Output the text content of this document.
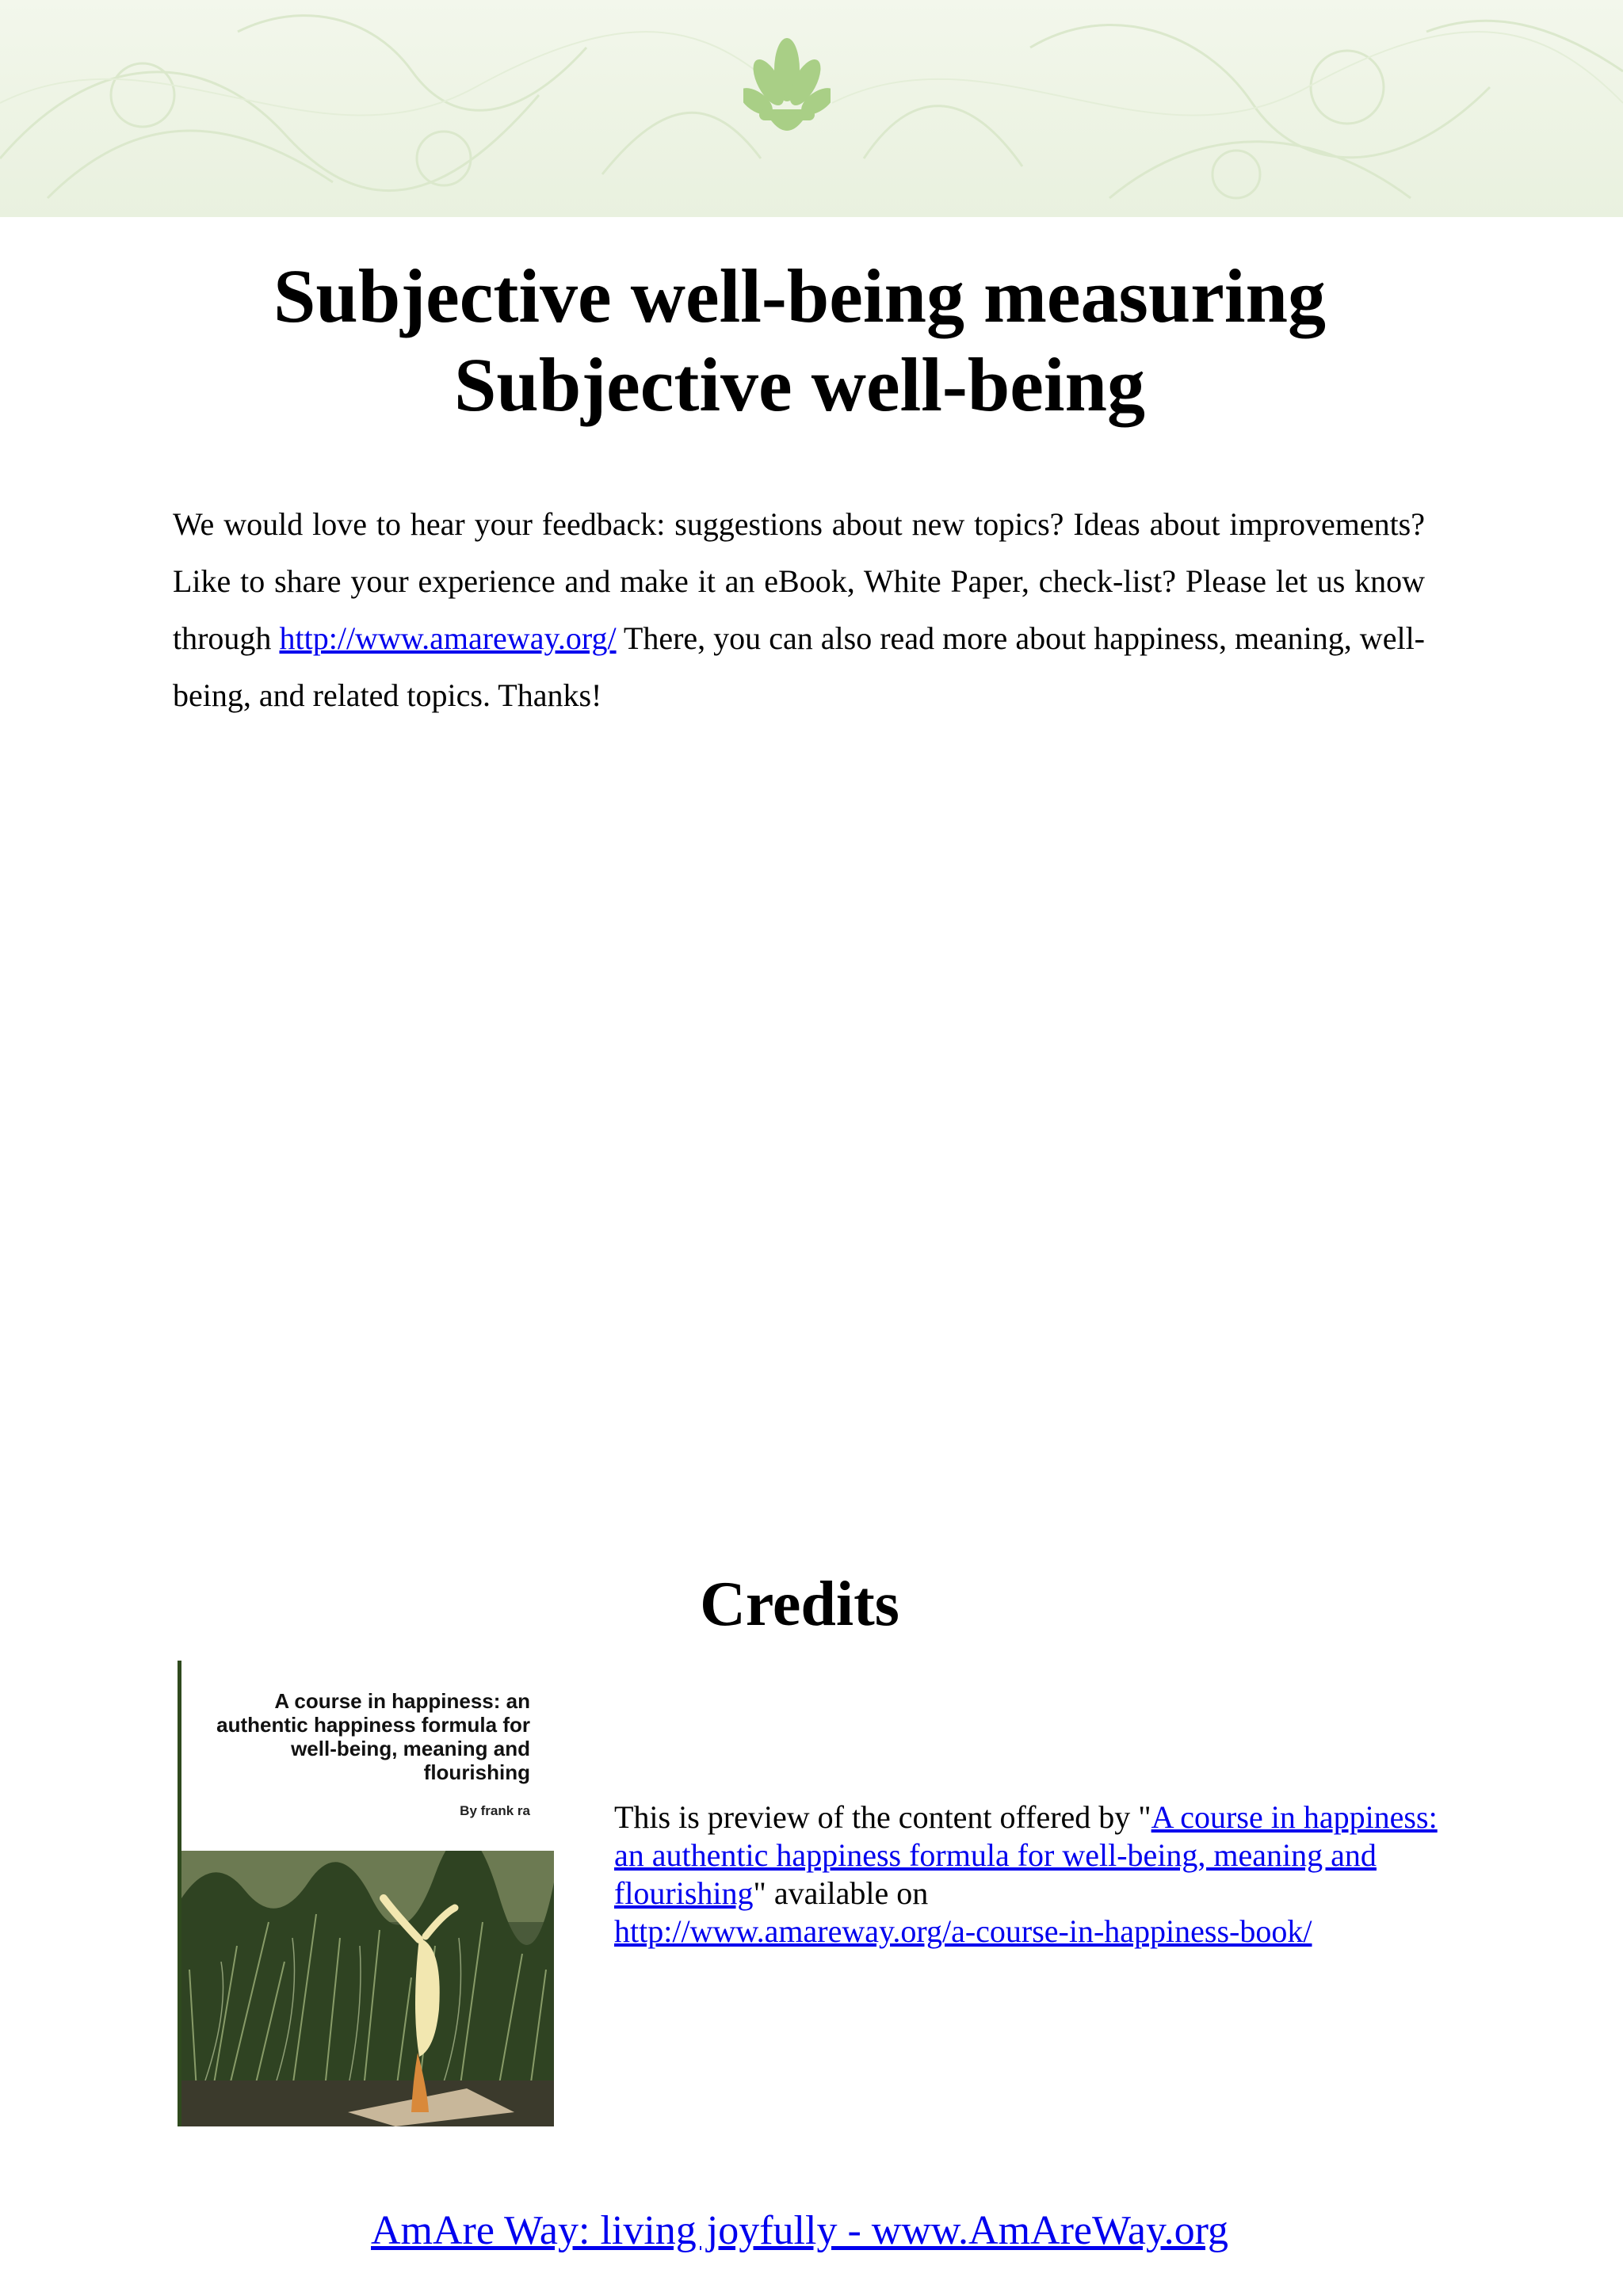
Subjective well-being measuring
Subjective well-being

We would love to hear your feedback: suggestions about new topics? Ideas about improvements? Like to share your experience and make it an eBook, White Paper, check-list? Please let us know through http://www.amareway.org/ There, you can also read more about happiness, meaning, well-being, and related topics. Thanks!

Credits
A course in happiness: an authentic happiness formula for well-being, meaning and flourishing
By frank ra	This is preview of the content offered by "A course in happiness: an authentic happiness formula for well-being, meaning and flourishing" available on
http://www.amareway.org/a-course-in-happiness-book/

AmAre Way: living joyfully - www.AmAreWay.org
